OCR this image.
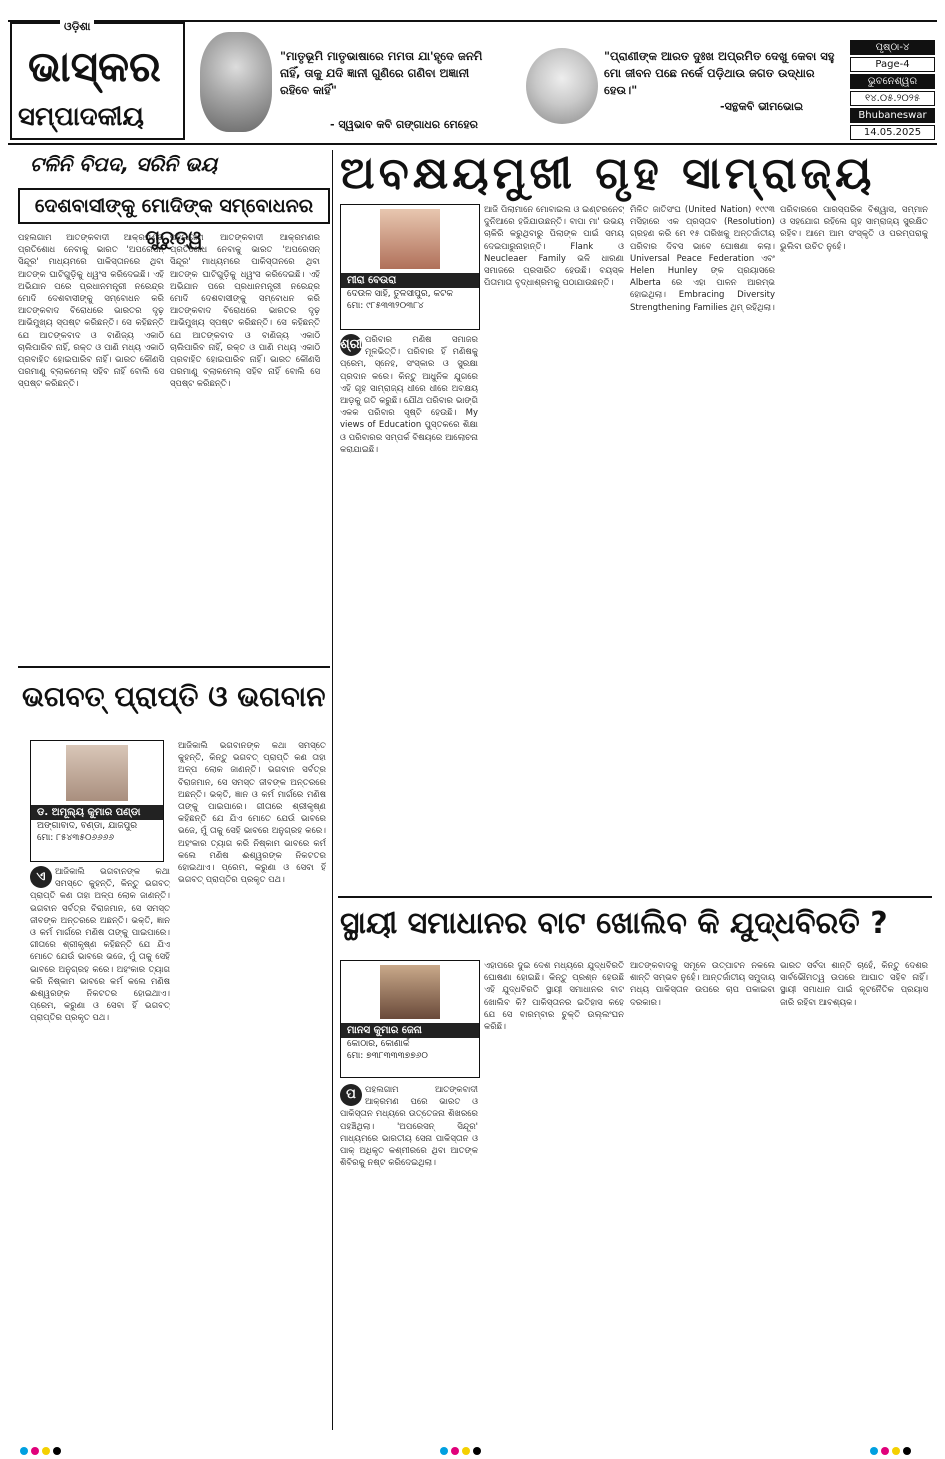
ଓଡ଼ିଶା
ଭାସ୍କର
ସମ୍ପାଦକୀୟ
"ମାତୃଭୂମି ମାତୃଭାଷାରେ ମମତା ଯା'ହୃଦେ ଜନମି ନାହିଁ, ତାକୁ ଯଦି ଜ୍ଞାନୀ ଗୁଣିରେ ଗଣିବା ଅଜ୍ଞାନୀ ରହିବେ କାହିଁ"
- ସ୍ୱଭାବ କବି ଗଙ୍ଗାଧର ମେହେର
"ପ୍ରାଣୀଙ୍କ ଆରତ ଦୁଃଖ ଅପ୍ରମିତ ଦେଖୁ କେବା ସହୁ ମୋ ଜୀବନ ପଛେ ନର୍କେ ପଡ଼ିଥାଉ ଜଗତ ଉଦ୍ଧାର ହେଉ।"
-ସନ୍ଥକବି ଭୀମଭୋଇ
ପୃଷ୍ଠା-୪
Page-4
ଭୁବନେଶ୍ୱର
୧୪.୦୫.୨୦୨୫
Bhubaneswar
14.05.2025
ଟଳିନି ବିପଦ, ସରିନି ଭୟ
ଦେଶବାସୀଙ୍କୁ ମୋଦିଙ୍କ ସମ୍ବୋଧନର ଗୁରୁତ୍ୱ
ପହଲଗାମ ଆତଙ୍କବାଦୀ ଆକ୍ରମଣର ପ୍ରତିଶୋଧ ନେବାକୁ ଭାରତ 'ଅପରେସନ୍ ସିନ୍ଦୂର' ମାଧ୍ୟମରେ ପାକିସ୍ତାନରେ ଥିବା ଆତଙ୍କ ଘାଟିଗୁଡ଼ିକୁ ଧ୍ୱଂସ କରିଦେଇଛି। ଏହି ଅଭିଯାନ ପରେ ପ୍ରଧାନମନ୍ତ୍ରୀ ନରେନ୍ଦ୍ର ମୋଦି ଦେଶବାସୀଙ୍କୁ ସମ୍ବୋଧନ କରି ଆତଙ୍କବାଦ ବିରୋଧରେ ଭାରତର ଦୃଢ଼ ଆଭିମୁଖ୍ୟ ସ୍ପଷ୍ଟ କରିଛନ୍ତି। ସେ କହିଛନ୍ତି ଯେ ଆତଙ୍କବାଦ ଓ ବାଣିଜ୍ୟ ଏକାଠି ଚାଲିପାରିବ ନାହିଁ, ରକ୍ତ ଓ ପାଣି ମଧ୍ୟ ଏକାଠି ପ୍ରବାହିତ ହୋଇପାରିବ ନାହିଁ। ଭାରତ କୌଣସି ପରମାଣୁ ବ୍ଲାକମେଲ୍ ସହିବ ନାହିଁ ବୋଲି ସେ ସ୍ପଷ୍ଟ କରିଛନ୍ତି।
ପହଲଗାମ ଆତଙ୍କବାଦୀ ଆକ୍ରମଣର ପ୍ରତିଶୋଧ ନେବାକୁ ଭାରତ 'ଅପରେସନ୍ ସିନ୍ଦୂର' ମାଧ୍ୟମରେ ପାକିସ୍ତାନରେ ଥିବା ଆତଙ୍କ ଘାଟିଗୁଡ଼ିକୁ ଧ୍ୱଂସ କରିଦେଇଛି। ଏହି ଅଭିଯାନ ପରେ ପ୍ରଧାନମନ୍ତ୍ରୀ ନରେନ୍ଦ୍ର ମୋଦି ଦେଶବାସୀଙ୍କୁ ସମ୍ବୋଧନ କରି ଆତଙ୍କବାଦ ବିରୋଧରେ ଭାରତର ଦୃଢ଼ ଆଭିମୁଖ୍ୟ ସ୍ପଷ୍ଟ କରିଛନ୍ତି। ସେ କହିଛନ୍ତି ଯେ ଆତଙ୍କବାଦ ଓ ବାଣିଜ୍ୟ ଏକାଠି ଚାଲିପାରିବ ନାହିଁ, ରକ୍ତ ଓ ପାଣି ମଧ୍ୟ ଏକାଠି ପ୍ରବାହିତ ହୋଇପାରିବ ନାହିଁ। ଭାରତ କୌଣସି ପରମାଣୁ ବ୍ଲାକମେଲ୍ ସହିବ ନାହିଁ ବୋଲି ସେ ସ୍ପଷ୍ଟ କରିଛନ୍ତି।
ଭଗବତ୍ ପ୍ରାପ୍ତି ଓ ଭଗବାନ
ଡ. ଅମୂଲ୍ୟ କୁମାର ପଣ୍ଡା
ଅଙ୍ଗାବାଦ, ବଣ୍ଡା, ଯାଜପୁର
ମୋ: ୮୫୪୩୫୦୬୬୬୬
ଏ	ଆଜିକାଲି ଭଗବାନଙ୍କ କଥା ସମସ୍ତେ କୁହନ୍ତି, କିନ୍ତୁ ଭଗବତ୍ ପ୍ରାପ୍ତି କଣ ତାହା ଅଳ୍ପ ଲୋକ ଜାଣନ୍ତି। ଭଗବାନ ସର୍ବତ୍ର ବିରାଜମାନ, ସେ ସମସ୍ତ ଜୀବଙ୍କ ଅନ୍ତରରେ ଅଛନ୍ତି। ଭକ୍ତି, ଜ୍ଞାନ ଓ କର୍ମ ମାର୍ଗରେ ମଣିଷ ତାଙ୍କୁ ପାଇପାରେ। ଗୀତାରେ ଶ୍ରୀକୃଷ୍ଣ କହିଛନ୍ତି ଯେ ଯିଏ ମୋତେ ଯେଉଁ ଭାବରେ ଭଜେ, ମୁଁ ତାକୁ ସେହି ଭାବରେ ଅନୁଗ୍ରହ କରେ। ଅହଂକାର ତ୍ୟାଗ କରି ନିଷ୍କାମ ଭାବରେ କର୍ମ କଲେ ମଣିଷ ଈଶ୍ୱରଙ୍କ ନିକଟତର ହୋଇଥାଏ। ପ୍ରେମ, କରୁଣା ଓ ସେବା ହିଁ ଭଗବତ୍ ପ୍ରାପ୍ତିର ପ୍ରକୃତ ପଥ।
ଆଜିକାଲି ଭଗବାନଙ୍କ କଥା ସମସ୍ତେ କୁହନ୍ତି, କିନ୍ତୁ ଭଗବତ୍ ପ୍ରାପ୍ତି କଣ ତାହା ଅଳ୍ପ ଲୋକ ଜାଣନ୍ତି। ଭଗବାନ ସର୍ବତ୍ର ବିରାଜମାନ, ସେ ସମସ୍ତ ଜୀବଙ୍କ ଅନ୍ତରରେ ଅଛନ୍ତି। ଭକ୍ତି, ଜ୍ଞାନ ଓ କର୍ମ ମାର୍ଗରେ ମଣିଷ ତାଙ୍କୁ ପାଇପାରେ। ଗୀତାରେ ଶ୍ରୀକୃଷ୍ଣ କହିଛନ୍ତି ଯେ ଯିଏ ମୋତେ ଯେଉଁ ଭାବରେ ଭଜେ, ମୁଁ ତାକୁ ସେହି ଭାବରେ ଅନୁଗ୍ରହ କରେ। ଅହଂକାର ତ୍ୟାଗ କରି ନିଷ୍କାମ ଭାବରେ କର୍ମ କଲେ ମଣିଷ ଈଶ୍ୱରଙ୍କ ନିକଟତର ହୋଇଥାଏ। ପ୍ରେମ, କରୁଣା ଓ ସେବା ହିଁ ଭଗବତ୍ ପ୍ରାପ୍ତିର ପ୍ରକୃତ ପଥ।
ଅବକ୍ଷୟମୁଖୀ ଗୃହ ସାମ୍ରାଜ୍ୟ
ମୀରା ବେଉରା
ଦେଉଳ ସାହି, ତୁଳସୀପୁର, କଟକ
ମୋ: ୯୮୫୩୩୨୦୩୮୪
ଶ୍ରୀ ପରିବାର ମଣିଷ ସମାଜର ମୂଳଭିତ୍ତି। ପରିବାର ହିଁ ମଣିଷକୁ ପ୍ରେମ, ସ୍ନେହ, ସଂସ୍କାର ଓ ସୁରକ୍ଷା ପ୍ରଦାନ କରେ। କିନ୍ତୁ ଆଧୁନିକ ଯୁଗରେ ଏହି ଗୃହ ସାମ୍ରାଜ୍ୟ ଧୀରେ ଧୀରେ ଅବକ୍ଷୟ ଆଡ଼କୁ ଗତି କରୁଛି। ଯୌଥ ପରିବାର ଭାଙ୍ଗି ଏକକ ପରିବାର ସୃଷ୍ଟି ହେଉଛି। My views of Education ପୁସ୍ତକରେ ଶିକ୍ଷା ଓ ପରିବାରର ସମ୍ପର୍କ ବିଷୟରେ ଆଲୋଚନା କରାଯାଇଛି।
ଆଜି ପିଲାମାନେ ମୋବାଇଲ ଓ ଇଣ୍ଟରନେଟ୍ ଦୁନିଆରେ ହଜିଯାଉଛନ୍ତି। ବାପା ମା' ଉଭୟ ଚାକିରି କରୁଥିବାରୁ ପିଲାଙ୍କ ପାଇଁ ସମୟ ଦେଇପାରୁନାହାନ୍ତି। Flank ଓ Neucleaer Family ଭଳି ଧାରଣା ସମାଜରେ ପ୍ରସାରିତ ହେଉଛି। ବୟସ୍କ ପିତାମାତା ବୃଦ୍ଧାଶ୍ରମକୁ ପଠାଯାଉଛନ୍ତି।
ମିଳିତ ଜାତିସଂଘ (United Nation) ୧୯୯୩ ମସିହାରେ ଏକ ପ୍ରସ୍ତାବ (Resolution) ଗ୍ରହଣ କରି ମେ ୧୫ ତାରିଖକୁ ଅନ୍ତର୍ଜାତୀୟ ପରିବାର ଦିବସ ଭାବେ ଘୋଷଣା କଲା। Universal Peace Federation ଏବଂ Helen Hunley ଙ୍କ ପ୍ରୟାସରେ Alberta ରେ ଏହା ପାଳନ ଆରମ୍ଭ ହୋଇଥିଲା। Embracing Diversity Strengthening Families ଥିମ୍ ରହିଥିଲା।
ପରିବାରରେ ପାରସ୍ପରିକ ବିଶ୍ୱାସ, ସମ୍ମାନ ଓ ସହଯୋଗ ରହିଲେ ଗୃହ ସାମ୍ରାଜ୍ୟ ସୁରକ୍ଷିତ ରହିବ। ଆମେ ଆମ ସଂସ୍କୃତି ଓ ପରମ୍ପରାକୁ ଭୁଲିବା ଉଚିତ ନୁହେଁ।
ସ୍ଥାୟୀ ସମାଧାନର ବାଟ ଖୋଲିବ କି ଯୁଦ୍ଧବିରତି ?
ମାନସ କୁମାର ଜେନା
କୋଠାର, କୋଣାର୍କ
ମୋ: ୭୩୮୩୩୩୭୭୬୦
ପ	ପହଲଗାମ ଆତଙ୍କବାଦୀ ଆକ୍ରମଣ ପରେ ଭାରତ ଓ ପାକିସ୍ତାନ ମଧ୍ୟରେ ଉତ୍ତେଜନା ଶିଖରରେ ପହଞ୍ଚିଥିଲା। 'ଅପରେସନ୍ ସିନ୍ଦୂର' ମାଧ୍ୟମରେ ଭାରତୀୟ ସେନା ପାକିସ୍ତାନ ଓ ପାକ୍ ଅଧିକୃତ କଶ୍ମୀରରେ ଥିବା ଆତଙ୍କ ଶିବିରକୁ ନଷ୍ଟ କରିଦେଇଥିଲା।
ଏହାପରେ ଦୁଇ ଦେଶ ମଧ୍ୟରେ ଯୁଦ୍ଧବିରତି ଘୋଷଣା ହୋଇଛି। କିନ୍ତୁ ପ୍ରଶ୍ନ ହେଉଛି ଏହି ଯୁଦ୍ଧବିରତି ସ୍ଥାୟୀ ସମାଧାନର ବାଟ ଖୋଲିବ କି? ପାକିସ୍ତାନର ଇତିହାସ କହେ ଯେ ସେ ବାରମ୍ବାର ଚୁକ୍ତି ଉଲ୍ଲଂଘନ କରିଛି।
ଆତଙ୍କବାଦକୁ ସମୂଳେ ଉତ୍ପାଟନ ନକଲେ ଶାନ୍ତି ସମ୍ଭବ ନୁହେଁ। ଆନ୍ତର୍ଜାତୀୟ ସମୁଦାୟ ମଧ୍ୟ ପାକିସ୍ତାନ ଉପରେ ଚାପ ପକାଇବା ଦରକାର।
ଭାରତ ସର୍ବଦା ଶାନ୍ତି ଚାହେଁ, କିନ୍ତୁ ଦେଶର ସାର୍ବଭୌମତ୍ୱ ଉପରେ ଆଘାତ ସହିବ ନାହିଁ। ସ୍ଥାୟୀ ସମାଧାନ ପାଇଁ କୂଟନୈତିକ ପ୍ରୟାସ ଜାରି ରହିବା ଆବଶ୍ୟକ।
